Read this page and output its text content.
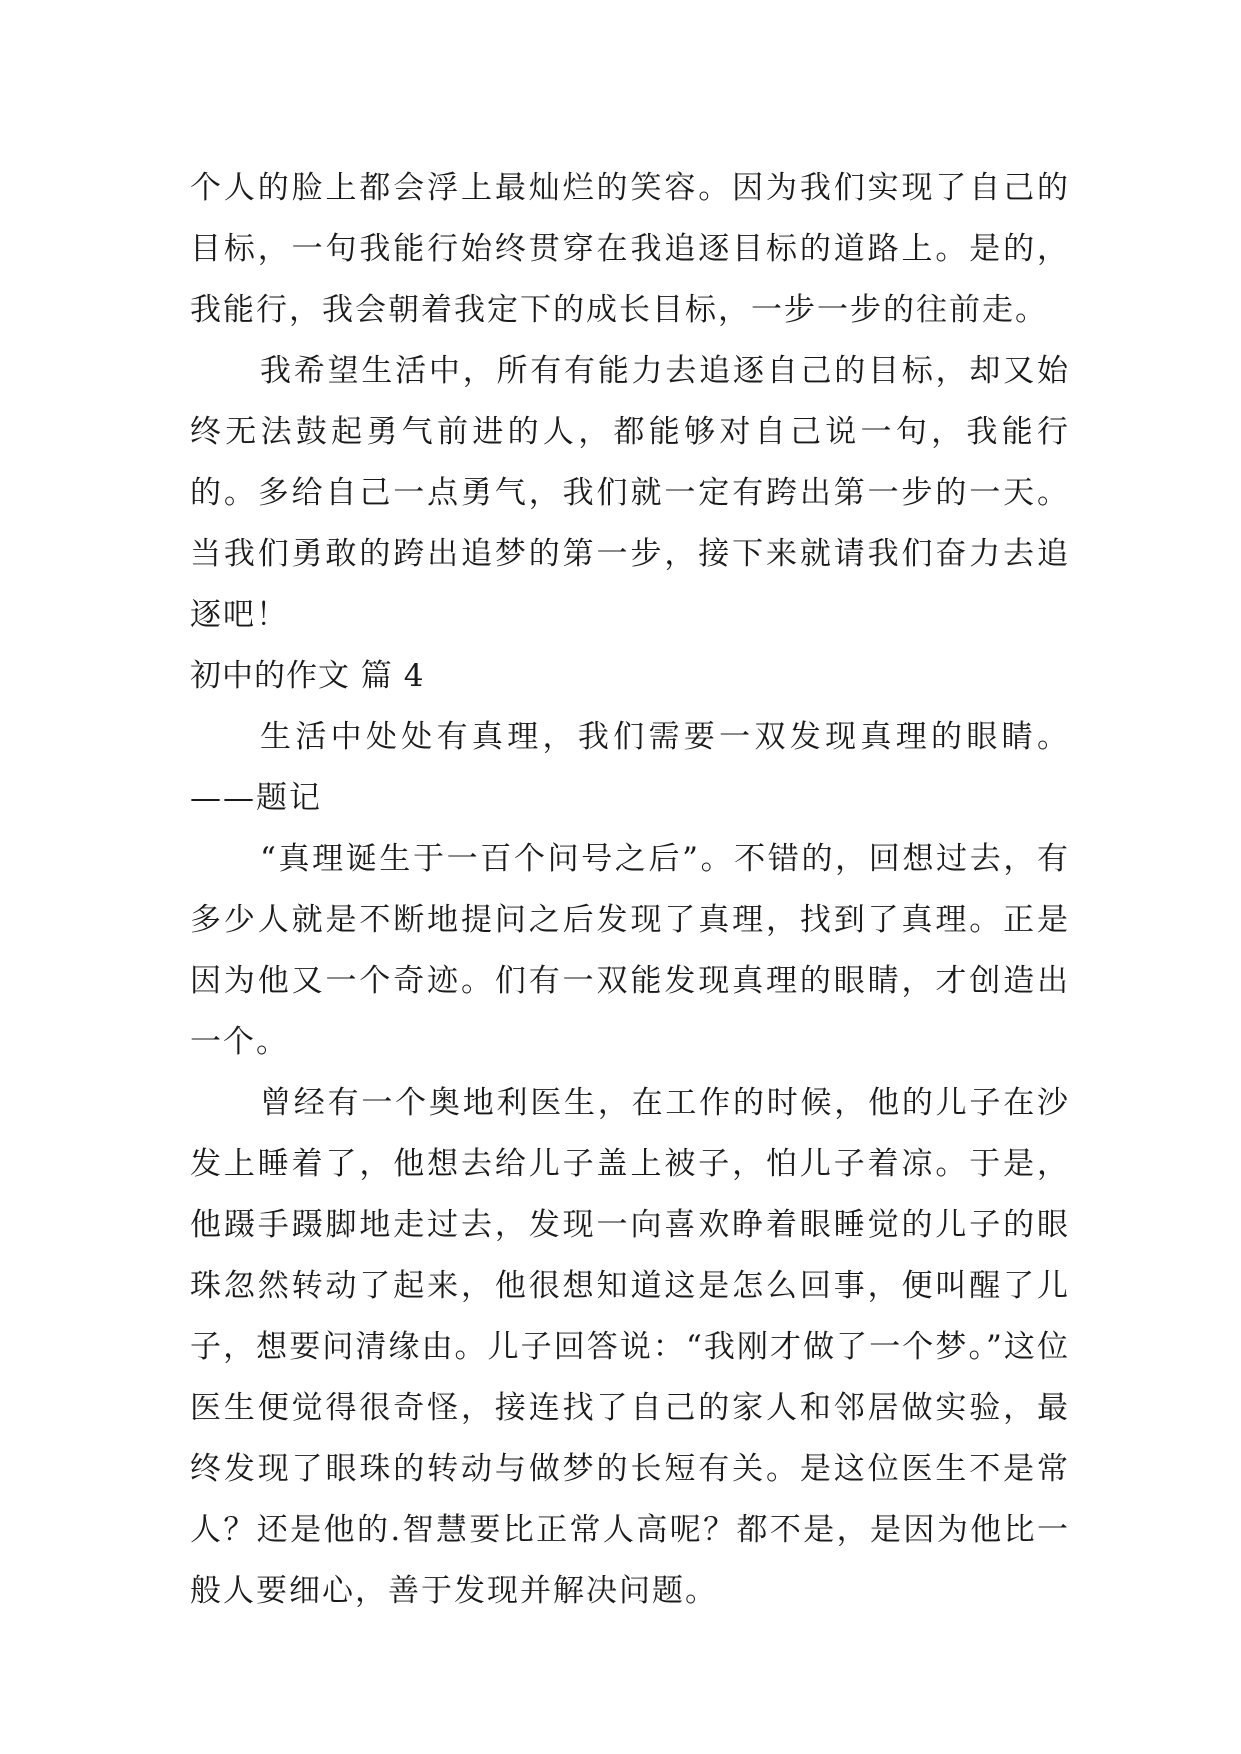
个人的脸上都会浮上最灿烂的笑容。因为我们实现了自己的目标，一句我能行始终贯穿在我追逐目标的道路上。是的，我能行，我会朝着我定下的成长目标，一步一步的往前走。

我希望生活中，所有有能力去追逐自己的目标，却又始终无法鼓起勇气前进的人，都能够对自己说一句，我能行的。多给自己一点勇气，我们就一定有跨出第一步的一天。当我们勇敢的跨出追梦的第一步，接下来就请我们奋力去追逐吧！

初中的作文 篇 4

生活中处处有真理，我们需要一双发现真理的眼睛。——题记

“真理诞生于一百个问号之后”。不错的，回想过去，有多少人就是不断地提问之后发现了真理，找到了真理。正是因为他又一个奇迹。们有一双能发现真理的眼睛，才创造出一个。

曾经有一个奥地利医生，在工作的时候，他的儿子在沙发上睡着了，他想去给儿子盖上被子，怕儿子着凉。于是，他蹑手蹑脚地走过去，发现一向喜欢睁着眼睡觉的儿子的眼珠忽然转动了起来，他很想知道这是怎么回事，便叫醒了儿子，想要问清缘由。儿子回答说：“我刚才做了一个梦。”这位医生便觉得很奇怪，接连找了自己的家人和邻居做实验，最终发现了眼珠的转动与做梦的长短有关。是这位医生不是常人？还是他的.智慧要比正常人高呢？都不是，是因为他比一般人要细心，善于发现并解决问题。
